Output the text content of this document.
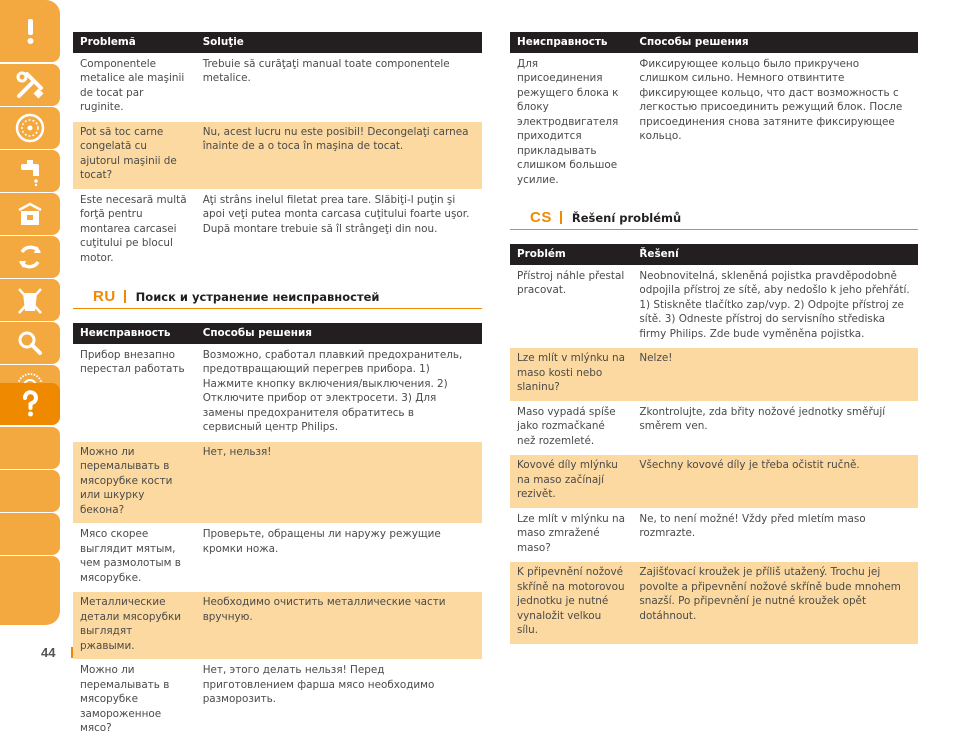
Problemă	Soluţie
Componentele metalice ale maşinii de tocat par ruginite.	Trebuie să curăţaţi manual toate componentele metalice.
Pot să toc carne congelată cu ajutorul maşinii de tocat?	Nu, acest lucru nu este posibil! Decongelaţi carnea înainte de a o toca în maşina de tocat.
Este necesară multă forţă pentru montarea carcasei cuţitului pe blocul motor.	Aţi strâns inelul filetat prea tare. Slăbiţi-l puţin şi apoi veţi putea monta carcasa cuţitului foarte uşor. După montare trebuie să îl strângeţi din nou.
RU Поиск и устранение неисправностей
Неисправность	Способы решения
Прибор внезапно перестал работать	Возможно, сработал плавкий предохранитель, предотвращающий перегрев прибора. 1) Нажмите кнопку включения/выключения. 2) Отключите прибор от электросети. 3) Для замены предохранителя обратитесь в сервисный центр Philips.
Можно ли перемалывать в мясорубке кости или шкурку бекона?	Нет, нельзя!
Мясо скорее выглядит мятым, чем размолотым в мясорубке.	Проверьте, обращены ли наружу режущие кромки ножа.
Металлические детали мясорубки выглядят ржавыми.	Необходимо очистить металлические части вручную.
Можно ли перемалывать в мясорубке замороженное мясо?	Нет, этого делать нельзя! Перед приготовлением фарша мясо необходимо разморозить.
Неисправность	Способы решения
Для присоединения режущего блока к блоку электродвигателя приходится прикладывать слишком большое усилие.	Фиксирующее кольцо было прикручено слишком сильно. Немного отвинтите фиксирующее кольцо, что даст возможность с легкостью присоединить режущий блок. После присоединения снова затяните фиксирующее кольцо.
CS Řešení problémů
Problém	Řešení
Přístroj náhle přestal pracovat.	Neobnovitelná, skleněná pojistka pravděpodobně odpojila přístroj ze sítě, aby nedošlo k jeho přehřátí. 1) Stiskněte tlačítko zap/vyp. 2) Odpojte přístroj ze sítě. 3) Odneste přístroj do servisního střediska firmy Philips. Zde bude vyměněna pojistka.
Lze mlít v mlýnku na maso kosti nebo slaninu?	Nelze!
Maso vypadá spíše jako rozmačkané než rozemleté.	Zkontrolujte, zda břity nožové jednotky směřují směrem ven.
Kovové díly mlýnku na maso začínají rezivět.	Všechny kovové díly je třeba očistit ručně.
Lze mlít v mlýnku na maso zmražené maso?	Ne, to není možné! Vždy před mletím maso rozmrazte.
K připevnění nožové skříně na motorovou jednotku je nutné vynaložit velkou sílu.	Zajišťovací kroužek je příliš utažený. Trochu jej povolte a připevnění nožové skříně bude mnohem snazší. Po připevnění je nutné kroužek opět dotáhnout.
44
